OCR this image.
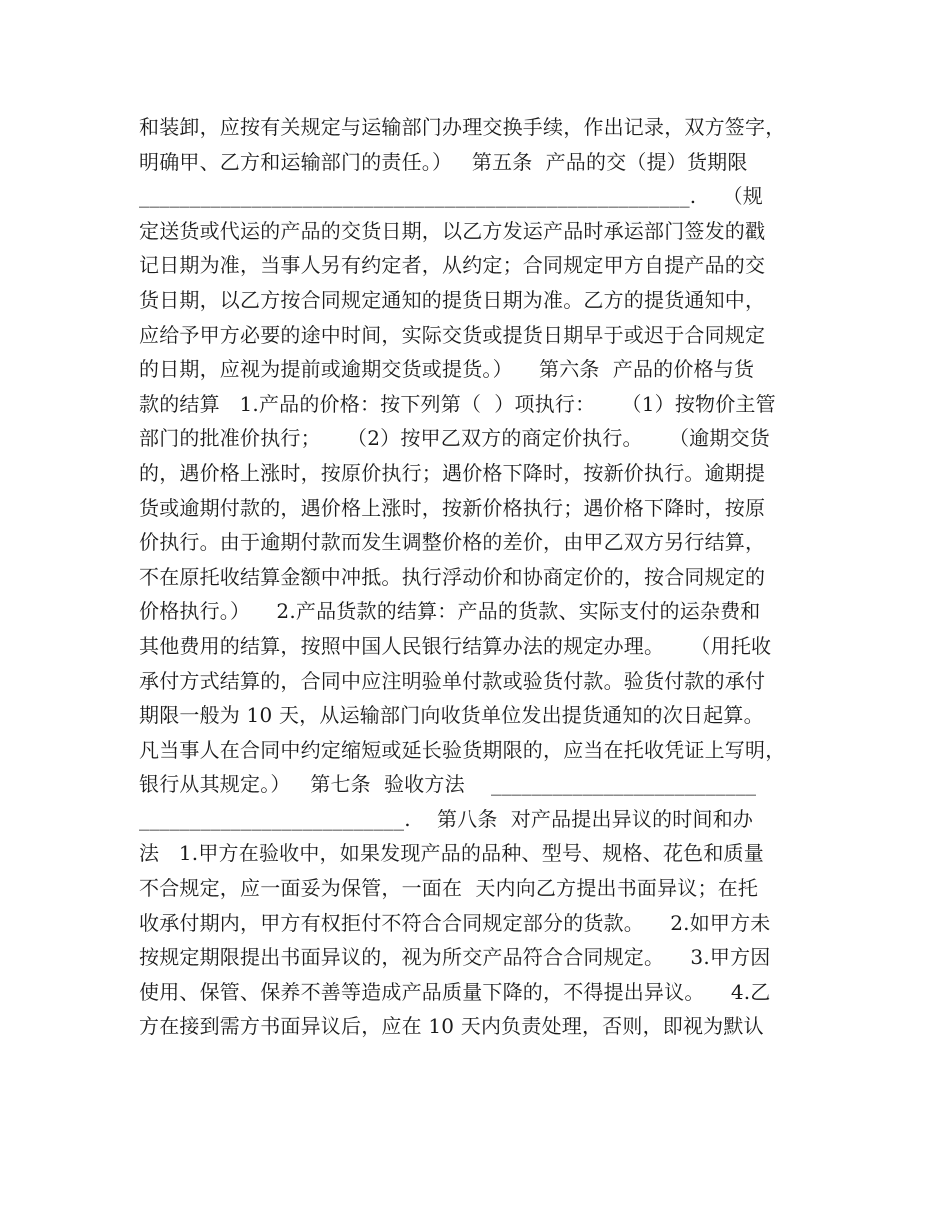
和装卸，应按有关规定与运输部门办理交换手续，作出记录，双方签字，
明确甲、乙方和运输部门的责任。）   第五条  产品的交（提）货期限
______________________________________________________.    （规
定送货或代运的产品的交货日期，以乙方发运产品时承运部门签发的戳
记日期为准，当事人另有约定者，从约定；合同规定甲方自提产品的交
货日期，以乙方按合同规定通知的提货日期为准。乙方的提货通知中，
应给予甲方必要的途中时间，实际交货或提货日期早于或迟于合同规定
的日期，应视为提前或逾期交货或提货。）    第六条  产品的价格与货
款的结算   1.产品的价格：按下列第（  ）项执行：    （1）按物价主管
部门的批准价执行；    （2）按甲乙双方的商定价执行。    （逾期交货
的，遇价格上涨时，按原价执行；遇价格下降时，按新价执行。逾期提
货或逾期付款的，遇价格上涨时，按新价格执行；遇价格下降时，按原
价执行。由于逾期付款而发生调整价格的差价，由甲乙双方另行结算，
不在原托收结算金额中冲抵。执行浮动价和协商定价的，按合同规定的
价格执行。）    2.产品货款的结算：产品的货款、实际支付的运杂费和
其他费用的结算，按照中国人民银行结算办法的规定办理。    （用托收
承付方式结算的，合同中应注明验单付款或验货付款。验货付款的承付
期限一般为 10 天，从运输部门向收货单位发出提货通知的次日起算。
凡当事人在合同中约定缩短或延长验货期限的，应当在托收凭证上写明，
银行从其规定。）   第七条  验收方法    __________________________
__________________________.    第八条  对产品提出异议的时间和办
法   1.甲方在验收中，如果发现产品的品种、型号、规格、花色和质量
不合规定，应一面妥为保管，一面在  天内向乙方提出书面异议；在托
收承付期内，甲方有权拒付不符合合同规定部分的货款。    2.如甲方未
按规定期限提出书面异议的，视为所交产品符合合同规定。    3.甲方因
使用、保管、保养不善等造成产品质量下降的，不得提出异议。    4.乙
方在接到需方书面异议后，应在 10 天内负责处理，否则，即视为默认
